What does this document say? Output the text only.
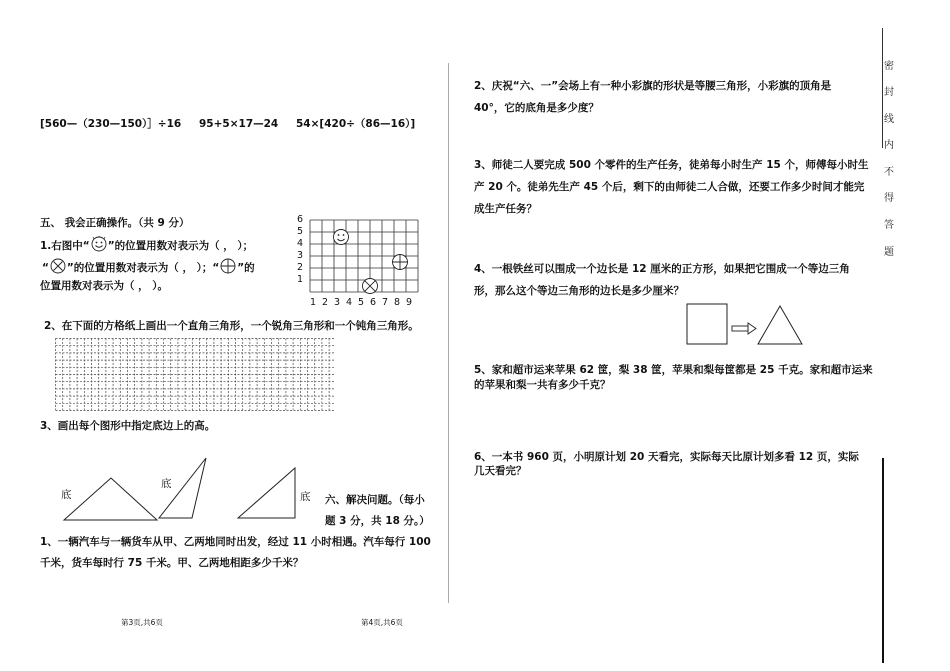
[560—（230—150）］÷16 95+5×17—24 54×[420÷（86—16）]
五、 我会正确操作。（共 9 分）
1.右图中“ ”的位置用数对表示为（ ， ）；
“ ”的位置用数对表示为（ ， ）；“ ”的
位置用数对表示为（ ， ）。
6
5
4
3
2
1
1 2 3 4 5 6 7 8 9
2、在下面的方格纸上画出一个直角三角形，一个锐角三角形和一个钝角三角形。
3、画出每个图形中指定底边上的高。
底
底
底 六、解决问题。（每小
题 3 分，共 18 分。）
1、一辆汽车与一辆货车从甲、乙两地同时出发，经过 11 小时相遇。汽车每行 100
千米，货车每时行 75 千米。甲、乙两地相距多少千米？
第3页,共6页
2、庆祝“六、一”会场上有一种小彩旗的形状是等腰三角形，小彩旗的顶角是
40°，它的底角是多少度？
3、师徒二人要完成 500 个零件的生产任务，徒弟每小时生产 15 个，师傅每小时生
产 20 个。徒弟先生产 45 个后，剩下的由师徒二人合做，还要工作多少时间才能完
成生产任务？
4、一根铁丝可以围成一个边长是 12 厘米的正方形，如果把它围成一个等边三角
形，那么这个等边三角形的边长是多少厘米？
5、家和超市运来苹果 62 筐，梨 38 筐，苹果和梨每筐都是 25 千克。家和超市运来
的苹果和梨一共有多少千克？
6、一本书 960 页，小明原计划 20 天看完，实际每天比原计划多看 12 页，实际
几天看完？
第4页,共6页
密
封
线
内
不
得
答
题
